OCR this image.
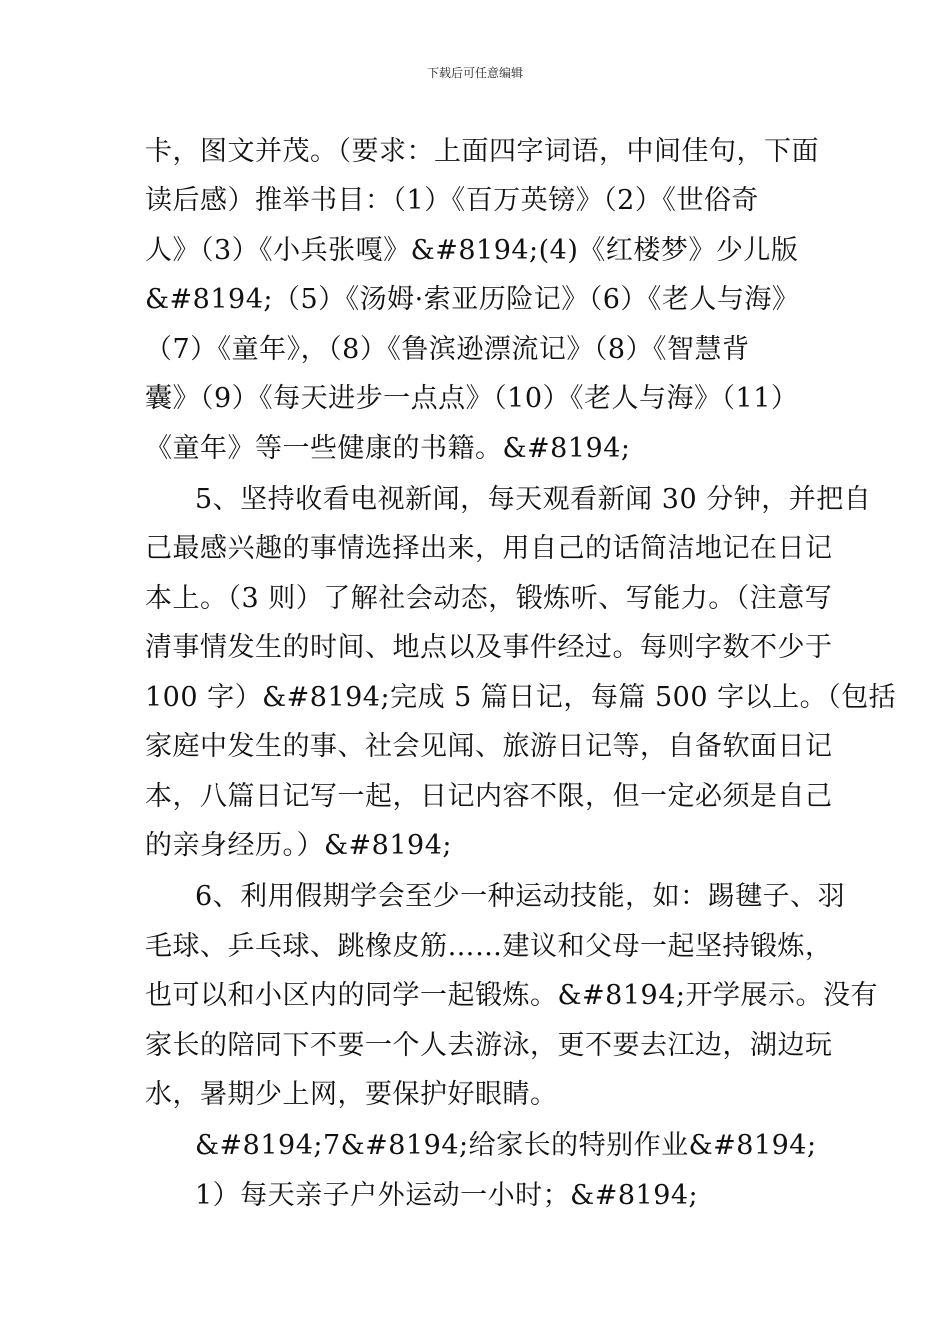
下载后可任意编辑
卡，图文并茂。（要求：上面四字词语，中间佳句，下面
读后感）推举书目：（1）《百万英镑》（2）《世俗奇
人》（3）《小兵张嘎》&#8194;(4)《红楼梦》少儿版
&#8194;（5）《汤姆·索亚历险记》（6）《老人与海》
（7）《童年》，（8）《鲁滨逊漂流记》（8）《智慧背
囊》（9）《每天进步一点点》（10）《老人与海》（11）
《童年》等一些健康的书籍。&#8194;
5、坚持收看电视新闻，每天观看新闻 30 分钟，并把自
己最感兴趣的事情选择出来，用自己的话简洁地记在日记
本上。（3 则）了解社会动态，锻炼听、写能力。（注意写
清事情发生的时间、地点以及事件经过。每则字数不少于
100 字）&#8194;完成 5 篇日记，每篇 500 字以上。（包括
家庭中发生的事、社会见闻、旅游日记等，自备软面日记
本，八篇日记写一起，日记内容不限，但一定必须是自己
的亲身经历。）&#8194;
6、利用假期学会至少一种运动技能，如：踢毽子、羽
毛球、乒乓球、跳橡皮筋……建议和父母一起坚持锻炼，
也可以和小区内的同学一起锻炼。&#8194;开学展示。没有
家长的陪同下不要一个人去游泳，更不要去江边，湖边玩
水，暑期少上网，要保护好眼睛。
&#8194;7&#8194;给家长的特别作业&#8194;
1）每天亲子户外运动一小时；&#8194;
